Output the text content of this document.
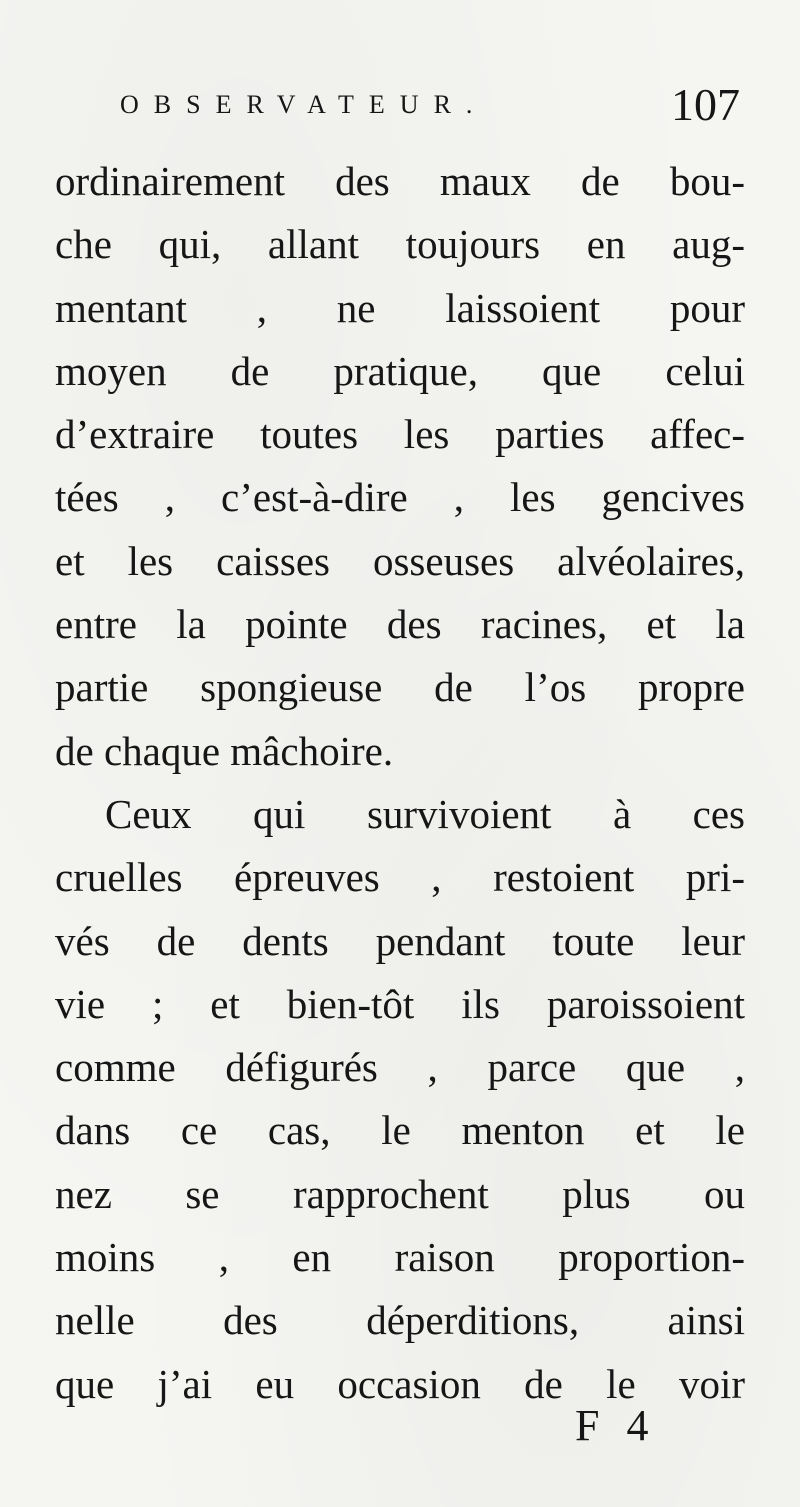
OBSERVATEUR.	107
ordinairement des maux de bou-
che qui, allant toujours en aug-
mentant , ne laissoient pour
moyen de pratique, que celui
d’extraire toutes les parties affec-
tées , c’est-à-dire , les gencives
et les caisses osseuses alvéolaires,
entre la pointe des racines, et la
partie spongieuse de l’os propre
de chaque mâchoire.
Ceux qui survivoient à ces
cruelles épreuves , restoient pri-
vés de dents pendant toute leur
vie ; et bien-tôt ils paroissoient
comme défigurés , parce que ,
dans ce cas, le menton et le
nez se rapprochent plus ou
moins , en raison proportion-
nelle des déperditions, ainsi
que j’ai eu occasion de le voir
F 4
